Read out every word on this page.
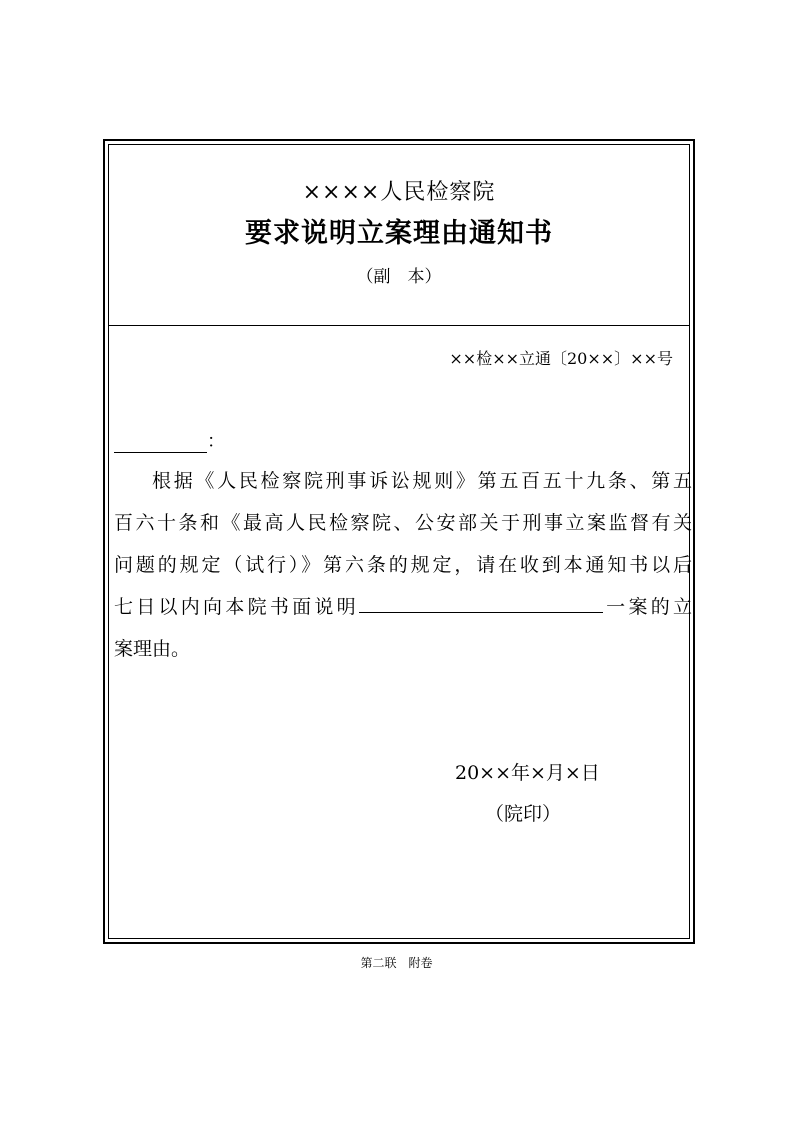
××××人民检察院
要求说明立案理由通知书
（副　本）
××检××立通〔20××〕××号
：
根据《人民检察院刑事诉讼规则》第五百五十九条、第五
百六十条和《最高人民检察院、公安部关于刑事立案监督有关
问题的规定（试行）》第六条的规定，请在收到本通知书以后
七日以内向本院书面说明	一案的立
案理由。
20××年×月×日
（院印）
第二联　附卷
